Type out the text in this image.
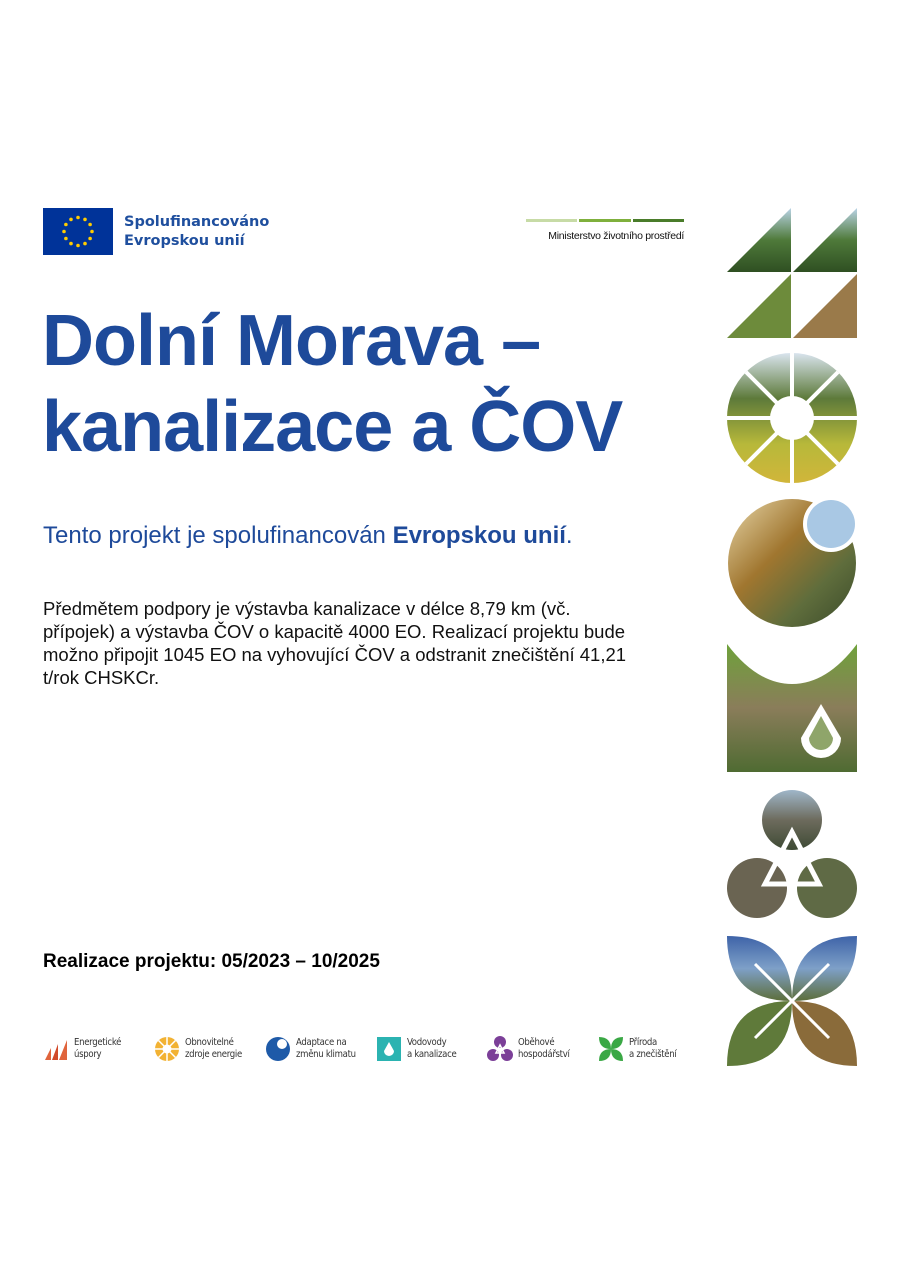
Spolufinancováno
Evropskou unií	Ministerstvo životního prostředí
Dolní Morava –
kanalizace a ČOV
Tento projekt je spolufinancován Evropskou unií.
Předmětem podpory je výstavba kanalizace v délce 8,79 km (vč. přípojek) a výstavba ČOV o kapacitě 4000 EO. Realizací projektu bude možno připojit 1045 EO na vyhovující ČOV a odstranit znečištění 41,21 t/rok CHSKCr.
Realizace projektu: 05/2023 – 10/2025
Energetické
úspory
Obnovitelné
zdroje energie
Adaptace na
změnu klimatu
Vodovody
a kanalizace
Oběhové
hospodářství
Příroda
a znečištění
